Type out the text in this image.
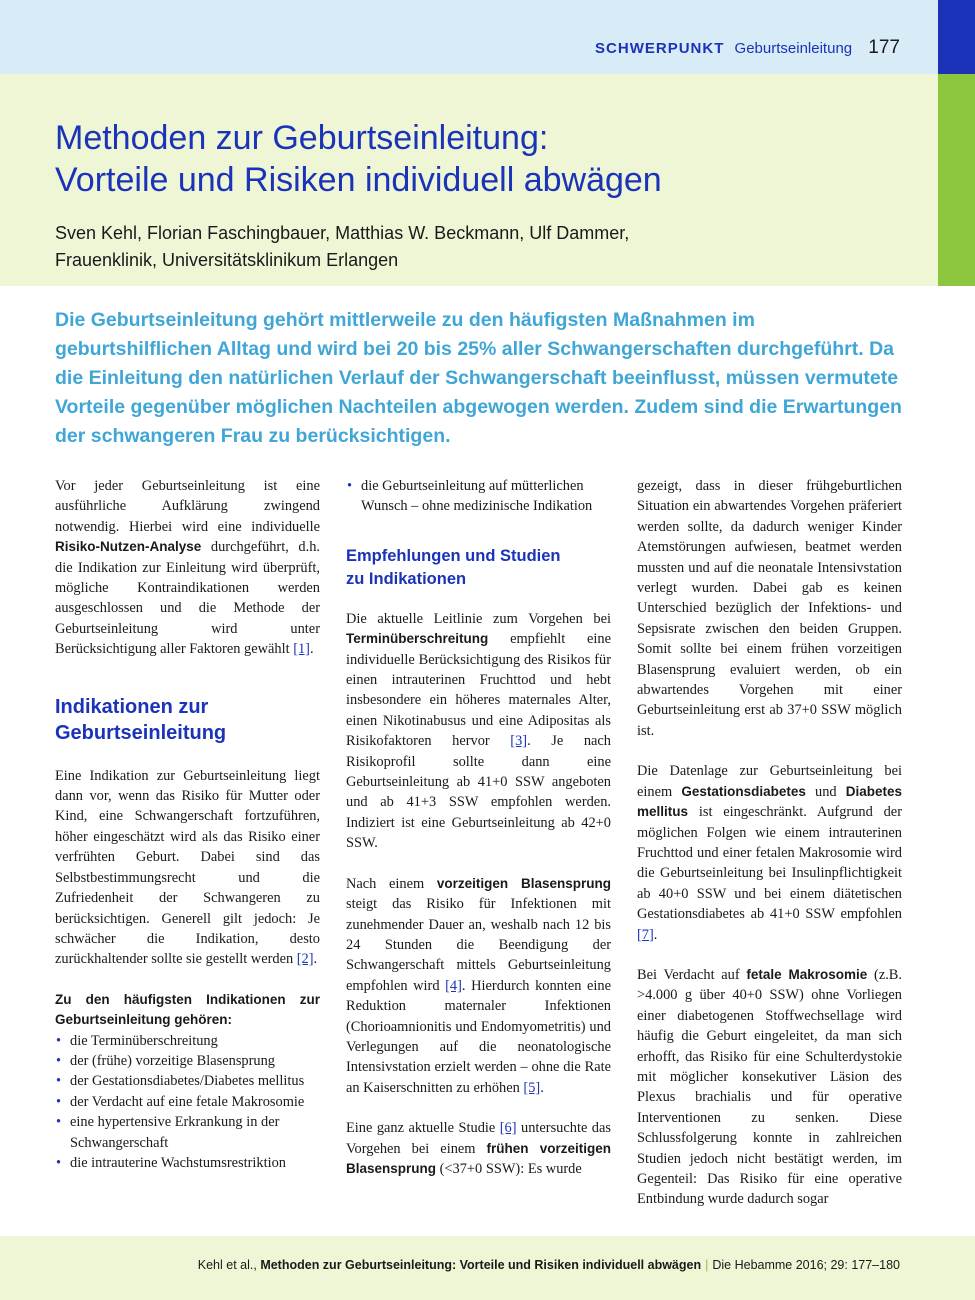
SCHWERPUNKT Geburtseinleitung 177
Methoden zur Geburtseinleitung:
Vorteile und Risiken individuell abwägen
Sven Kehl, Florian Faschingbauer, Matthias W. Beckmann, Ulf Dammer,
Frauenklinik, Universitätsklinikum Erlangen

Die Geburtseinleitung gehört mittlerweile zu den häufigsten Maßnahmen im geburtshilflichen Alltag und wird bei 20 bis 25% aller Schwangerschaften durchgeführt. Da die Einleitung den natürlichen Verlauf der Schwangerschaft beeinflusst, müssen vermutete Vorteile gegenüber möglichen Nachteilen abgewogen werden. Zudem sind die Erwartungen der schwangeren Frau zu berücksichtigen.

Vor jeder Geburtseinleitung ist eine ausführliche Aufklärung zwingend notwendig. Hierbei wird eine individuelle Risiko-Nutzen-Analyse durchgeführt, d.h. die Indikation zur Einleitung wird überprüft, mögliche Kontraindikationen werden ausgeschlossen und die Methode der Geburtseinleitung wird unter Berücksichtigung aller Faktoren gewählt [1].

Indikationen zur
Geburtseinleitung

Eine Indikation zur Geburtseinleitung liegt dann vor, wenn das Risiko für Mutter oder Kind, eine Schwangerschaft fortzuführen, höher eingeschätzt wird als das Risiko einer verfrühten Geburt. Dabei sind das Selbstbestimmungsrecht und die Zufriedenheit der Schwangeren zu berücksichtigen. Generell gilt jedoch: Je schwächer die Indikation, desto zurückhaltender sollte sie gestellt werden [2].

Zu den häufigsten Indikationen zur Geburtseinleitung gehören:

• die Terminüberschreitung
• der (frühe) vorzeitige Blasensprung
• der Gestationsdiabetes/Diabetes mellitus
• der Verdacht auf eine fetale Makrosomie
• eine hypertensive Erkrankung in der Schwangerschaft
• die intrauterine Wachstumsrestriktion
• die Geburtseinleitung auf mütterlichen Wunsch – ohne medizinische Indikation
Empfehlungen und Studien
zu Indikationen

Die aktuelle Leitlinie zum Vorgehen bei Terminüberschreitung empfiehlt eine individuelle Berücksichtigung des Risikos für einen intrauterinen Fruchttod und hebt insbesondere ein höheres maternales Alter, einen Nikotinabusus und eine Adipositas als Risikofaktoren hervor [3]. Je nach Risikoprofil sollte dann eine Geburtseinleitung ab 41+0 SSW angeboten und ab 41+3 SSW empfohlen werden. Indiziert ist eine Geburtseinleitung ab 42+0 SSW.

Nach einem vorzeitigen Blasensprung steigt das Risiko für Infektionen mit zunehmender Dauer an, weshalb nach 12 bis 24 Stunden die Beendigung der Schwangerschaft mittels Geburtseinleitung empfohlen wird [4]. Hierdurch konnten eine Reduktion maternaler Infektionen (Chorioamnionitis und Endomyometritis) und Verlegungen auf die neonatologische Intensivstation erzielt werden – ohne die Rate an Kaiserschnitten zu erhöhen [5].

Eine ganz aktuelle Studie [6] untersuchte das Vorgehen bei einem frühen vorzeitigen Blasensprung (<37+0 SSW): Es wurde

gezeigt, dass in dieser frühgeburtlichen Situation ein abwartendes Vorgehen präferiert werden sollte, da dadurch weniger Kinder Atemstörungen aufwiesen, beatmet werden mussten und auf die neonatale Intensivstation verlegt wurden. Dabei gab es keinen Unterschied bezüglich der Infektions- und Sepsisrate zwischen den beiden Gruppen. Somit sollte bei einem frühen vorzeitigen Blasensprung evaluiert werden, ob ein abwartendes Vorgehen mit einer Geburtseinleitung erst ab 37+0 SSW möglich ist.

Die Datenlage zur Geburtseinleitung bei einem Gestationsdiabetes und Diabetes mellitus ist eingeschränkt. Aufgrund der möglichen Folgen wie einem intrauterinen Fruchttod und einer fetalen Makrosomie wird die Geburtseinleitung bei Insulinpflichtigkeit ab 40+0 SSW und bei einem diätetischen Gestationsdiabetes ab 41+0 SSW empfohlen [7].

Bei Verdacht auf fetale Makrosomie (z.B. >4.000 g über 40+0 SSW) ohne Vorliegen einer diabetogenen Stoffwechsellage wird häufig die Geburt eingeleitet, da man sich erhofft, das Risiko für eine Schulterdystokie mit möglicher konsekutiver Läsion des Plexus brachialis und für operative Interventionen zu senken. Diese Schlussfolgerung konnte in zahlreichen Studien jedoch nicht bestätigt werden, im Gegenteil: Das Risiko für eine operative Entbindung wurde dadurch sogar

Kehl et al., Methoden zur Geburtseinleitung: Vorteile und Risiken individuell abwägen | Die Hebamme 2016; 29: 177–180
